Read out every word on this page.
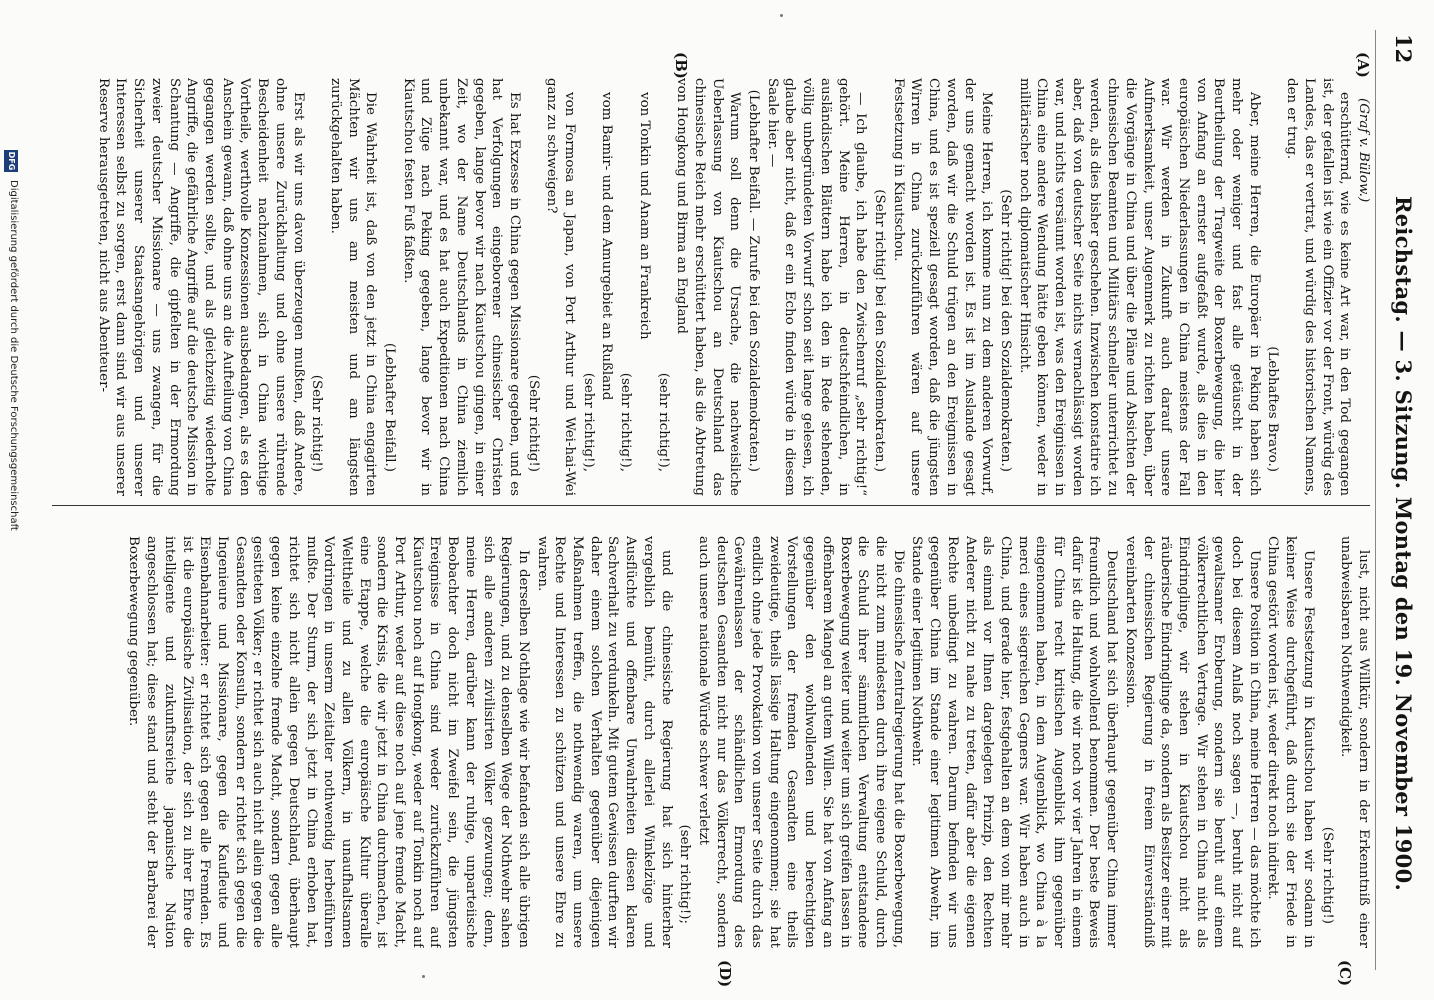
12
Reichstag. — 3. Sitzung. Montag den 19. November 1900.
(A)
(B)
(C)
(D)

(Graf v. Bülow.)

erschütternd, wie es keine Art war, in den Tod gegangen ist, der gefallen ist wie ein Offizier vor der Front, würdig des Landes, das er vertrat, und würdig des historischen Namens, den er trug.

(Lebhaftes Bravo.)

Aber, meine Herren, die Europäer in Peking haben sich mehr oder weniger und fast alle getäuscht in der Beurtheilung der Tragweite der Boxerbewegung, die hier von Anfang an ernster aufgefaßt wurde, als dies in den europäischen Niederlassungen in China meistens der Fall war. Wir werden in Zukunft auch darauf unsere Aufmerksamkeit, unser Augenmerk zu richten haben, über die Vorgänge in China und über die Pläne und Absichten der chinesischen Beamten und Militärs schneller unterrichtet zu werden, als dies bisher geschehen. Inzwischen konstatire ich aber, daß von deutscher Seite nichts vernachlässigt worden war, und nichts versäumt worden ist, was den Ereignissen in China eine andere Wendung hätte geben können, weder in militärischer noch diplomatischer Hinsicht.

(Sehr richtig! bei den Sozialdemokraten.)

Meine Herren, ich komme nun zu dem anderen Vorwurf, der uns gemacht worden ist. Es ist im Auslande gesagt worden, daß wir die Schuld trügen an den Ereignissen in China, und es ist speziell gesagt worden, daß die jüngsten Wirren in China zurückzuführen wären auf unsere Festsetzung in Kiautschou.

(Sehr richtig! bei den Sozialdemokraten.)

— Ich glaube, ich habe den Zwischenruf „sehr richtig!“ gehört. Meine Herren, in deutschfeindlichen, in ausländischen Blättern habe ich den in Rede stehenden, völlig unbegründeten Vorwurf schon seit lange gelesen, ich glaube aber nicht, daß er ein Echo finden würde in diesem Saale hier. —

(Lebhafter Beifall. — Zurufe bei den Sozialdemokraten.)

Warum soll denn die Ursache, die nachweisliche Ueberlassung von Kiautschou an Deutschland das chinesische Reich mehr erschüttert haben, als die Abtretung von Hongkong und Birma an England

(sehr richtig!),

von Tonkin und Anam an Frankreich

(sehr richtig!),

vom Bamir- und dem Amurgebiet an Rußland

(sehr richtig!),

von Formosa an Japan, von Port Arthur und Wei-hai-Wei ganz zu schweigen?

(Sehr richtig!)

Es hat Exzesse in China gegen Missionare gegeben, und es hat Verfolgungen eingeborener chinesischer Christen gegeben, lange bevor wir nach Kiautschou gingen, in einer Zeit, wo der Name Deutschlands in China ziemlich unbekannt war, und es hat auch Expeditionen nach China und Züge nach Peking gegeben, lange bevor wir in Kiautschou festen Fuß faßten.

(Lebhafter Beifall.)

Die Wahrheit ist, daß von den jetzt in China engagirten Mächten wir uns am meisten und am längsten zurückgehalten haben.

(Sehr richtig!)

Erst als wir uns davon überzeugen mußten, daß Andere, ohne unsere Zurückhaltung und ohne unsere rührende Bescheidenheit nachzuahmen, sich in China wichtige Vortheile, werthvolle Konzessionen ausbedangen, als es den Anschein gewann, daß ohne uns an die Aufteilung von China gegangen werden sollte, und als gleichzeitig wiederholte Angriffe, die gefährliche Angriffe auf die deutsche Mission in Schantung — Angriffe, die gipfelten in der Ermordung zweier deutscher Missionare — uns zwangen, für die Sicherheit unserer Staatsangehörigen und unserer Interessen selbst zu sorgen, erst dann sind wir aus unserer Reserve herausgetreten, nicht aus Abenteuer-

lust, nicht aus Willkür, sondern in der Erkenntniß einer unabweisbaren Nothwendigkeit.

(Sehr richtig!)

Unsere Festsetzung in Kiautschou haben wir sodann in keiner Weise durchgeführt, daß durch sie der Friede in China gestört worden ist, weder direkt noch indirekt.

Unsere Position in China, meine Herren — das möchte ich doch bei diesem Anlaß noch sagen —, beruht nicht auf gewaltsamer Eroberung, sondern sie beruht auf einem völkerrechtlichen Vertrage. Wir stehen in China nicht als Eindringlinge, wir stehen in Kiautschou nicht als räuberische Eindringlinge da, sondern als Besitzer einer mit der chinesischen Regierung in freiem Einverständniß vereinbarten Konzession.

Deutschland hat sich überhaupt gegenüber China immer freundlich und wohlwollend benommen. Der beste Beweis dafür ist die Haltung, die wir noch vor vier Jahren in einem für China recht kritischen Augenblick ihm gegenüber eingenommen haben, in dem Augenblick, wo China à la merci eines siegreichen Gegners war. Wir haben auch in China, und gerade hier, festgehalten an dem von mir mehr als einmal vor Ihnen dargelegten Prinzip, den Rechten Anderer nicht zu nahe zu treten, dafür aber die eigenen Rechte unbedingt zu wahren. Darum befinden wir uns gegenüber China im Stande einer legitimen Abwehr, im Stande einer legitimen Nothwehr.

Die chinesische Zentralregierung hat die Boxerbewegung, die nicht zum mindesten durch ihre eigene Schuld, durch die Schuld ihrer sämmtlichen Verwaltung entstandene Boxerbewegung weiter und weiter um sich greifen lassen in offenbarem Mangel an gutem Willen. Sie hat von Anfang an gegenüber den wohlwollenden und berechtigten Vorstellungen der fremden Gesandten eine theils zweideutige, theils lässige Haltung eingenommen; sie hat endlich ohne jede Provokation von unserer Seite durch das Gewährenlassen der schändlichen Ermordung des deutschen Gesandten nicht nur das Völkerrecht, sondern auch unsere nationale Würde schwer verletzt

(sehr richtig!);

und die chinesische Regierung hat sich hinterher vergeblich bemüht, durch allerlei Winkelzüge und Ausflüchte und offenbare Unwahrheiten diesen klaren Sachverhalt zu verdunkeln. Mit gutem Gewissen durften wir daher einem solchen Verhalten gegenüber diejenigen Maßnahmen treffen, die nothwendig waren, um unsere Rechte und Interessen zu schützen und unsere Ehre zu wahren.

In derselben Nothlage wie wir befanden sich alle übrigen Regierungen, und zu denselben Wege der Nothwehr sahen sich alle anderen zivilisirten Völker gezwungen; denn, meine Herren, darüber kann der ruhige, unparteiische Beobachter doch nicht im Zweifel sein, die jüngsten Ereignisse in China sind weder zurückzuführen auf Kiautschou noch auf Hongkong, weder auf Tonkin noch auf Port Arthur, weder auf diese noch auf jene fremde Macht, sondern die Krisis, die wir jetzt in China durchmachen, ist eine Etappe, welche die europäische Kultur überalle Welttheile und zu allen Völkern, in unaufhaltsamen Vordringen in unserm Zeitalter nothwendig herbeiführen mußte. Der Sturm, der sich jetzt in China erhoben hat, richtet sich nicht allein gegen Deutschland, überhaupt gegen keine einzelne fremde Macht, sondern gegen alle gesitteten Völker; er richtet sich auch nicht allein gegen die Gesandten oder Konsuln, sondern er richtet sich gegen die Ingenieure und Missionare, gegen die Kaufleute und Eisenbahnarbeiter: er richtet sich gegen alle Fremden. Es ist die europäische Zivilisation, der sich zu ihrer Ehre die intelligente und zukunftsreiche japanische Nation angeschlossen hat; diese stand und steht der Barbarei der Boxerbewegung gegenüber.

DFG
Digitalisierung gefördert durch die Deutsche Forschungsgemeinschaft
